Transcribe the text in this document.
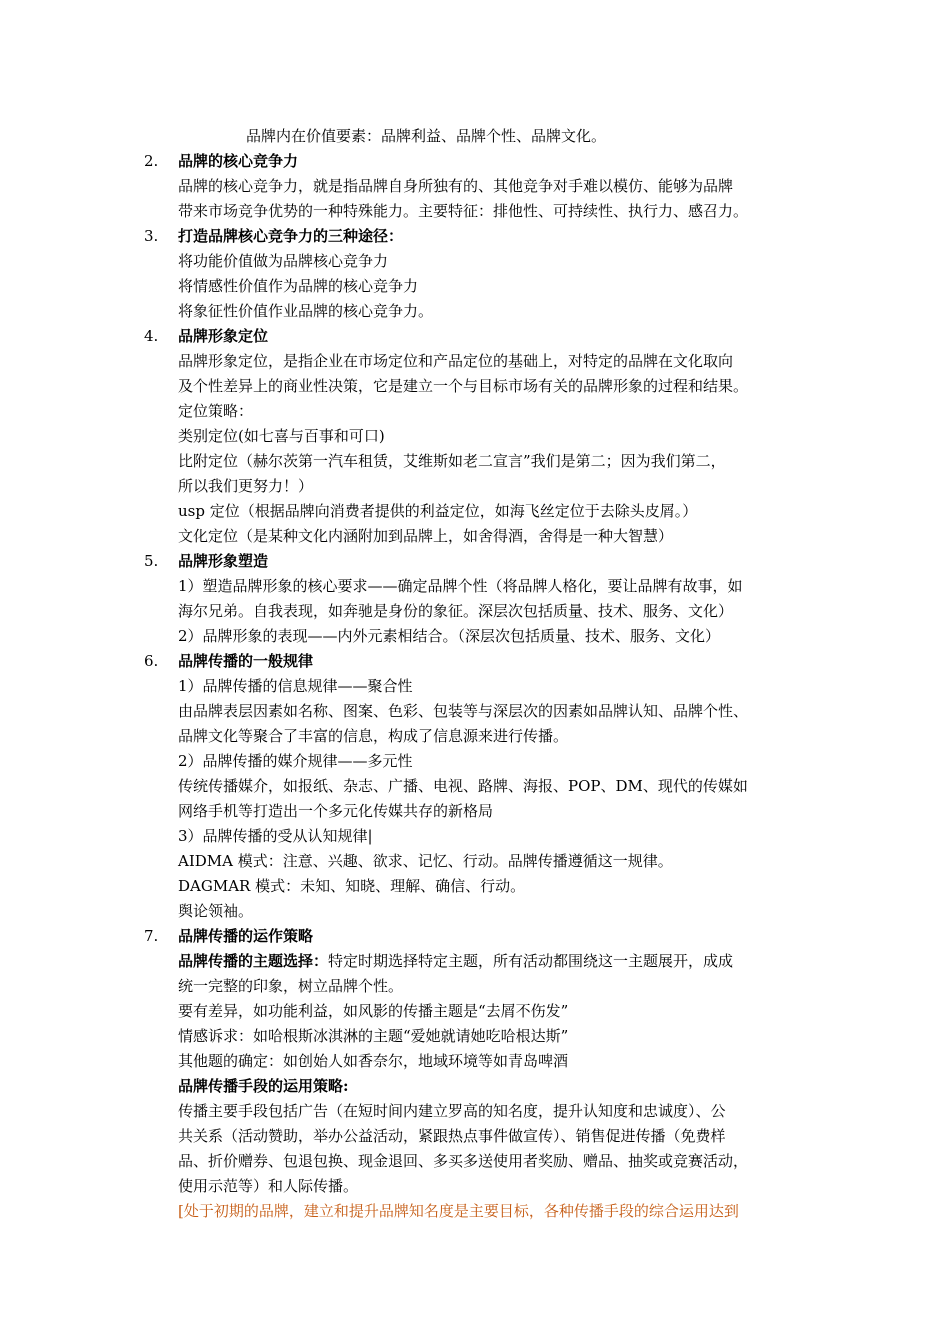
品牌内在价值要素：品牌利益、品牌个性、品牌文化。
2.	品牌的核心竞争力
品牌的核心竞争力，就是指品牌自身所独有的、其他竞争对手难以模仿、能够为品牌
带来市场竞争优势的一种特殊能力。主要特征：排他性、可持续性、执行力、感召力。
3.	打造品牌核心竞争力的三种途径：
将功能价值做为品牌核心竞争力
将情感性价值作为品牌的核心竞争力
将象征性价值作业品牌的核心竞争力。
4.	品牌形象定位
品牌形象定位，是指企业在市场定位和产品定位的基础上，对特定的品牌在文化取向
及个性差异上的商业性决策，它是建立一个与目标市场有关的品牌形象的过程和结果。
定位策略：
类别定位(如七喜与百事和可口)
比附定位（赫尔茨第一汽车租赁，艾维斯如老二宣言”我们是第二；因为我们第二，
所以我们更努力！）
usp 定位（根据品牌向消费者提供的利益定位，如海飞丝定位于去除头皮屑。）
文化定位（是某种文化内涵附加到品牌上，如舍得酒，舍得是一种大智慧）
5.	品牌形象塑造
1）塑造品牌形象的核心要求——确定品牌个性（将品牌人格化，要让品牌有故事，如
海尔兄弟。自我表现，如奔驰是身份的象征。深层次包括质量、技术、服务、文化）
2）品牌形象的表现——内外元素相结合。（深层次包括质量、技术、服务、文化）
6.	品牌传播的一般规律
1）品牌传播的信息规律——聚合性
由品牌表层因素如名称、图案、色彩、包装等与深层次的因素如品牌认知、品牌个性、
品牌文化等聚合了丰富的信息，构成了信息源来进行传播。
2）品牌传播的媒介规律——多元性
传统传播媒介，如报纸、杂志、广播、电视、路牌、海报、POP、DM、现代的传媒如
网络手机等打造出一个多元化传媒共存的新格局
3）品牌传播的受从认知规律|
AIDMA 模式：注意、兴趣、欲求、记忆、行动。品牌传播遵循这一规律。
DAGMAR 模式：未知、知晓、理解、确信、行动。
舆论领袖。
7.	品牌传播的运作策略
品牌传播的主题选择：特定时期选择特定主题，所有活动都围绕这一主题展开，成成
统一完整的印象，树立品牌个性。
要有差异，如功能利益，如风影的传播主题是“去屑不伤发”
情感诉求：如哈根斯冰淇淋的主题“爱她就请她吃哈根达斯”
其他题的确定：如创始人如香奈尔，地域环境等如青岛啤酒
品牌传播手段的运用策略:
传播主要手段包括广告（在短时间内建立罗高的知名度，提升认知度和忠诚度）、公
共关系（活动赞助，举办公益活动，紧跟热点事件做宣传）、销售促进传播（免费样
品、折价赠券、包退包换、现金退回、多买多送使用者奖励、赠品、抽奖或竞赛活动，
使用示范等）和人际传播。
[处于初期的品牌，建立和提升品牌知名度是主要目标，各种传播手段的综合运用达到
